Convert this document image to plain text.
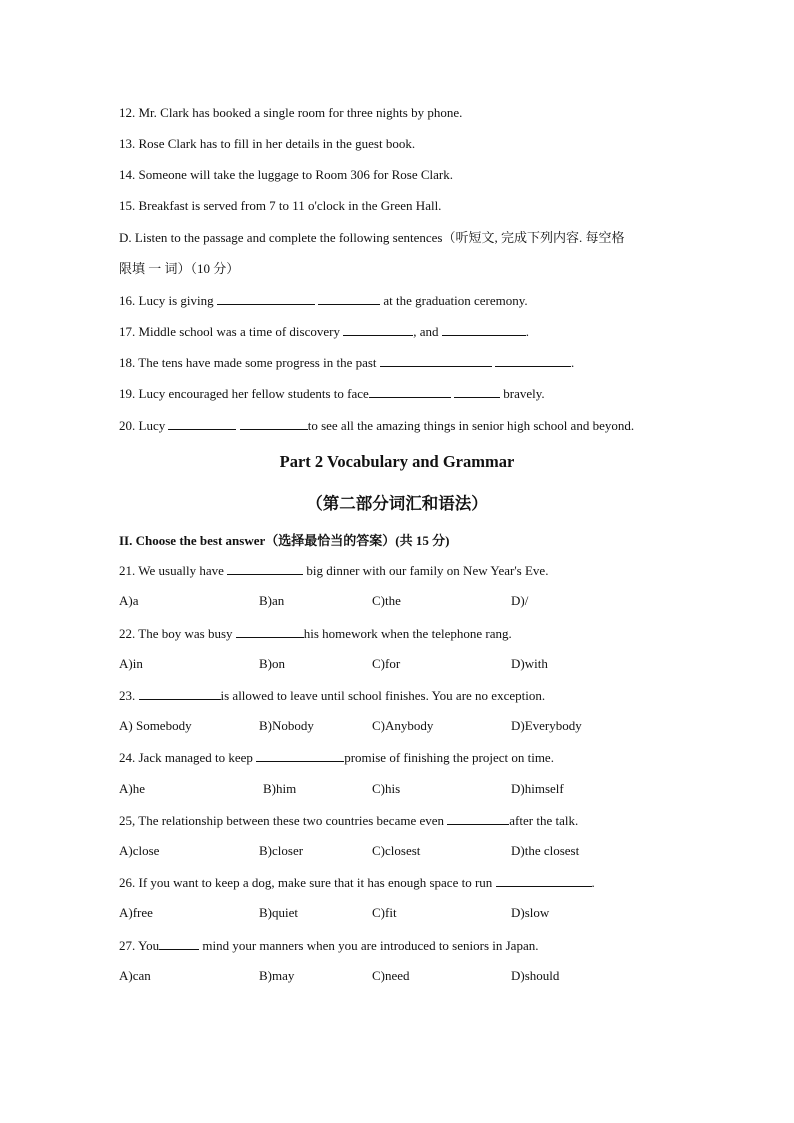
12. Mr. Clark has booked a single room for three nights by phone.
13. Rose Clark has to fill in her details in the guest book.
14. Someone will take the luggage to Room 306 for Rose Clark.
15. Breakfast is served from 7 to 11 o'clock in the Green Hall.
D. Listen to the passage and complete the following sentences（听短文, 完成下列内容. 每空格
限填 一 词）（10 分）
16. Lucy is giving	at the graduation ceremony.
17. Middle school was a time of discovery	, and	.
18. The tens have made some progress in the past	.
19. Lucy encouraged her fellow students to face	bravely.
20. Lucy	to see all the amazing things in senior high school and beyond.
Part 2 Vocabulary and Grammar
（第二部分词汇和语法）
II. Choose the best answer（选择最恰当的答案）(共 15 分)
21. We usually have	big dinner with our family on New Year's Eve.
A)a	B)an	C)the	D)/
22. The boy was busy	his homework when the telephone rang.
A)in	B)on	C)for	D)with
23.	is allowed to leave until school finishes. You are no exception.
A) Somebody	B)Nobody	C)Anybody	D)Everybody
24. Jack managed to keep	promise of finishing the project on time.
A)he	B)him	C)his	D)himself
25, The relationship between these two countries became even	after the talk.
A)close	B)closer	C)closest	D)the closest
26. If you want to keep a dog, make sure that it has enough space to run	.
A)free	B)quiet	C)fit	D)slow
27. You	mind your manners when you are introduced to seniors in Japan.
A)can	B)may	C)need	D)should
